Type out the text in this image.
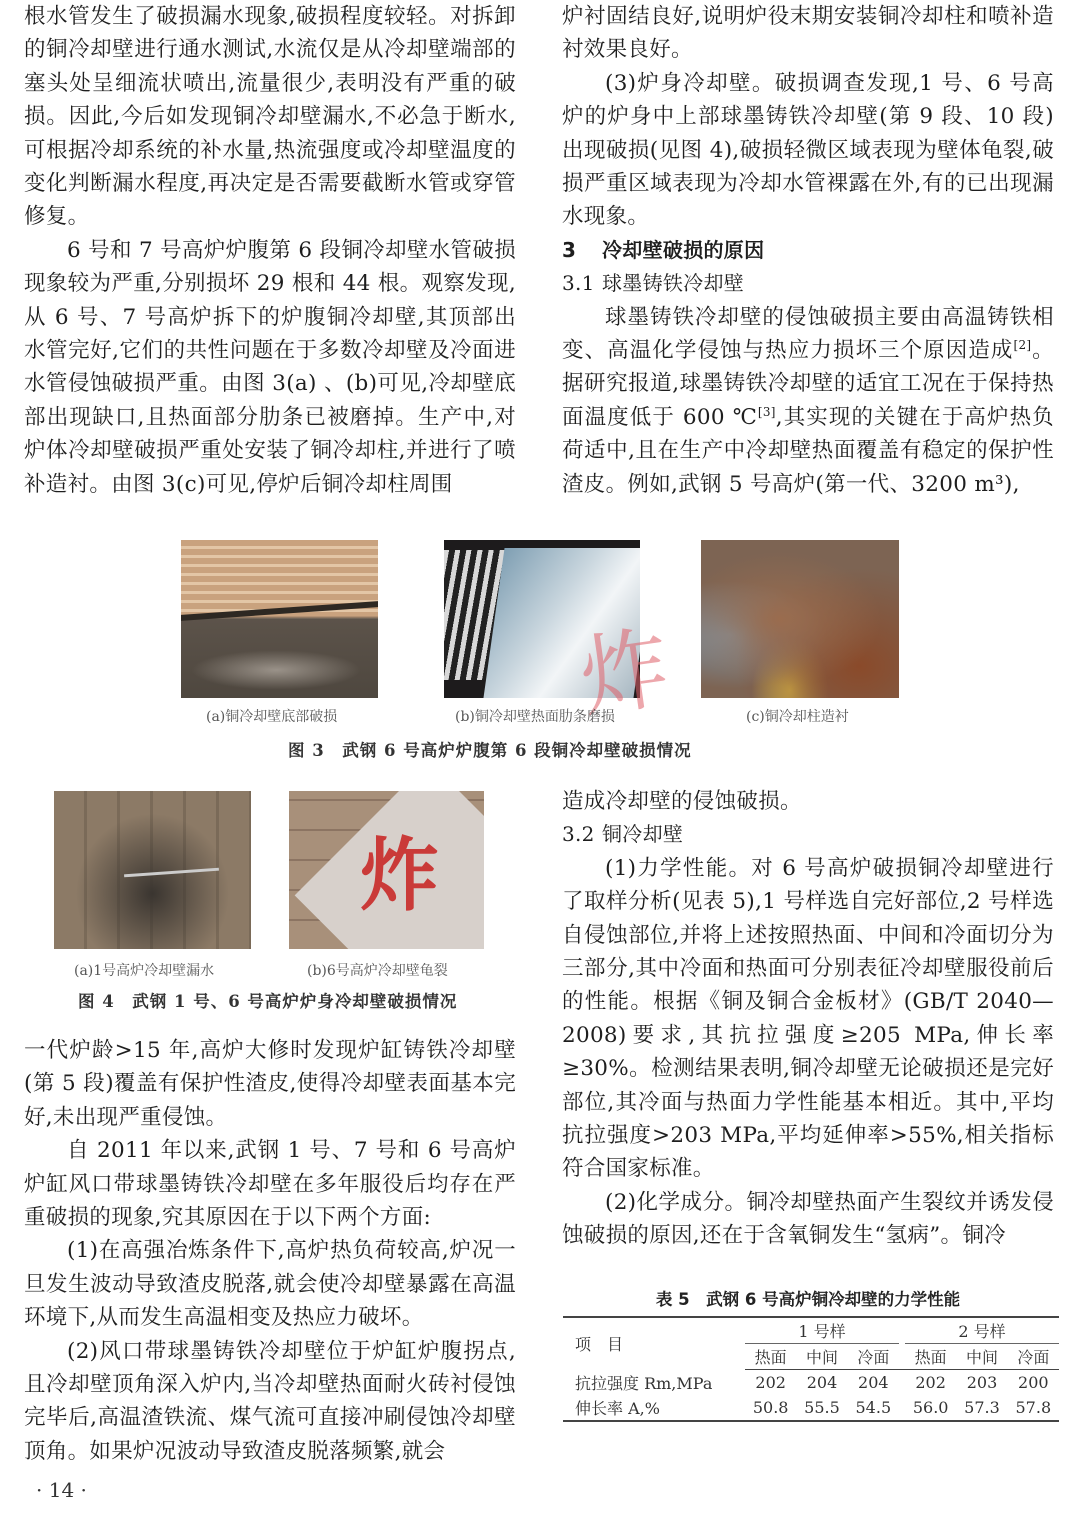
根水管发生了破损漏水现象,破损程度较轻。对拆卸的铜冷却壁进行通水测试,水流仅是从冷却壁端部的塞头处呈细流状喷出,流量很少,表明没有严重的破损。因此,今后如发现铜冷却壁漏水,不必急于断水,可根据冷却系统的补水量,热流强度或冷却壁温度的变化判断漏水程度,再决定是否需要截断水管或穿管修复。

6 号和 7 号高炉炉腹第 6 段铜冷却壁水管破损现象较为严重,分别损坏 29 根和 44 根。观察发现,从 6 号、7 号高炉拆下的炉腹铜冷却壁,其顶部出水管完好,它们的共性问题在于多数冷却壁及冷面进水管侵蚀破损严重。由图 3(a) 、(b)可见,冷却壁底部出现缺口,且热面部分肋条已被磨掉。生产中,对炉体冷却壁破损严重处安装了铜冷却柱,并进行了喷补造衬。由图 3(c)可见,停炉后铜冷却柱周围

炉衬固结良好,说明炉役末期安装铜冷却柱和喷补造衬效果良好。

(3)炉身冷却壁。破损调查发现,1 号、6 号高炉的炉身中上部球墨铸铁冷却壁(第 9 段、10 段)出现破损(见图 4),破损轻微区域表现为壁体龟裂,破损严重区域表现为冷却水管裸露在外,有的已出现漏水现象。

3 冷却壁破损的原因

3.1 球墨铸铁冷却壁

球墨铸铁冷却壁的侵蚀破损主要由高温铸铁相变、高温化学侵蚀与热应力损坏三个原因造成[2]。据研究报道,球墨铸铁冷却壁的适宜工况在于保持热面温度低于 600 ℃[3],其实现的关键在于高炉热负荷适中,且在生产中冷却壁热面覆盖有稳定的保护性渣皮。例如,武钢 5 号高炉(第一代、3200 m³),

炸
(a)铜冷却壁底部破损	(b)铜冷却壁热面肋条磨损	(c)铜冷却柱造衬
图 3　武钢 6 号高炉炉腹第 6 段铜冷却壁破损情况
炸
(a)1号高炉冷却壁漏水	(b)6号高炉冷却壁龟裂
图 4　武钢 1 号、6 号高炉炉身冷却壁破损情况

一代炉龄>15 年,高炉大修时发现炉缸铸铁冷却壁(第 5 段)覆盖有保护性渣皮,使得冷却壁表面基本完好,未出现严重侵蚀。

自 2011 年以来,武钢 1 号、7 号和 6 号高炉炉缸风口带球墨铸铁冷却壁在多年服役后均存在严重破损的现象,究其原因在于以下两个方面:

(1)在高强冶炼条件下,高炉热负荷较高,炉况一旦发生波动导致渣皮脱落,就会使冷却壁暴露在高温环境下,从而发生高温相变及热应力破坏。

(2)风口带球墨铸铁冷却壁位于炉缸炉腹拐点,且冷却壁顶角深入炉内,当冷却壁热面耐火砖衬侵蚀完毕后,高温渣铁流、煤气流可直接冲刷侵蚀冷却壁顶角。如果炉况波动导致渣皮脱落频繁,就会

造成冷却壁的侵蚀破损。

3.2 铜冷却壁

(1)力学性能。对 6 号高炉破损铜冷却壁进行了取样分析(见表 5),1 号样选自完好部位,2 号样选自侵蚀部位,并将上述按照热面、中间和冷面切分为三部分,其中冷面和热面可分别表征冷却壁服役前后的性能。根据《铜及铜合金板材》(GB/T 2040—2008)要求,其抗拉强度≥205 MPa,伸长率≥30%。检测结果表明,铜冷却壁无论破损还是完好部位,其冷面与热面力学性能基本相近。其中,平均抗拉强度>203 MPa,平均延伸率>55%,相关指标符合国家标准。

(2)化学成分。铜冷却壁热面产生裂纹并诱发侵蚀破损的原因,还在于含氧铜发生“氢病”。铜冷

表 5　武钢 6 号高炉铜冷却壁的力学性能
项　目	1 号样				2 号样		
	热面	中间	冷面		热面	中间	冷面
抗拉强度 Rm,MPa	202	204	204		202	203	200
伸长率 A,%	50.8	55.5	54.5		56.0	57.3	57.8
· 14 ·
